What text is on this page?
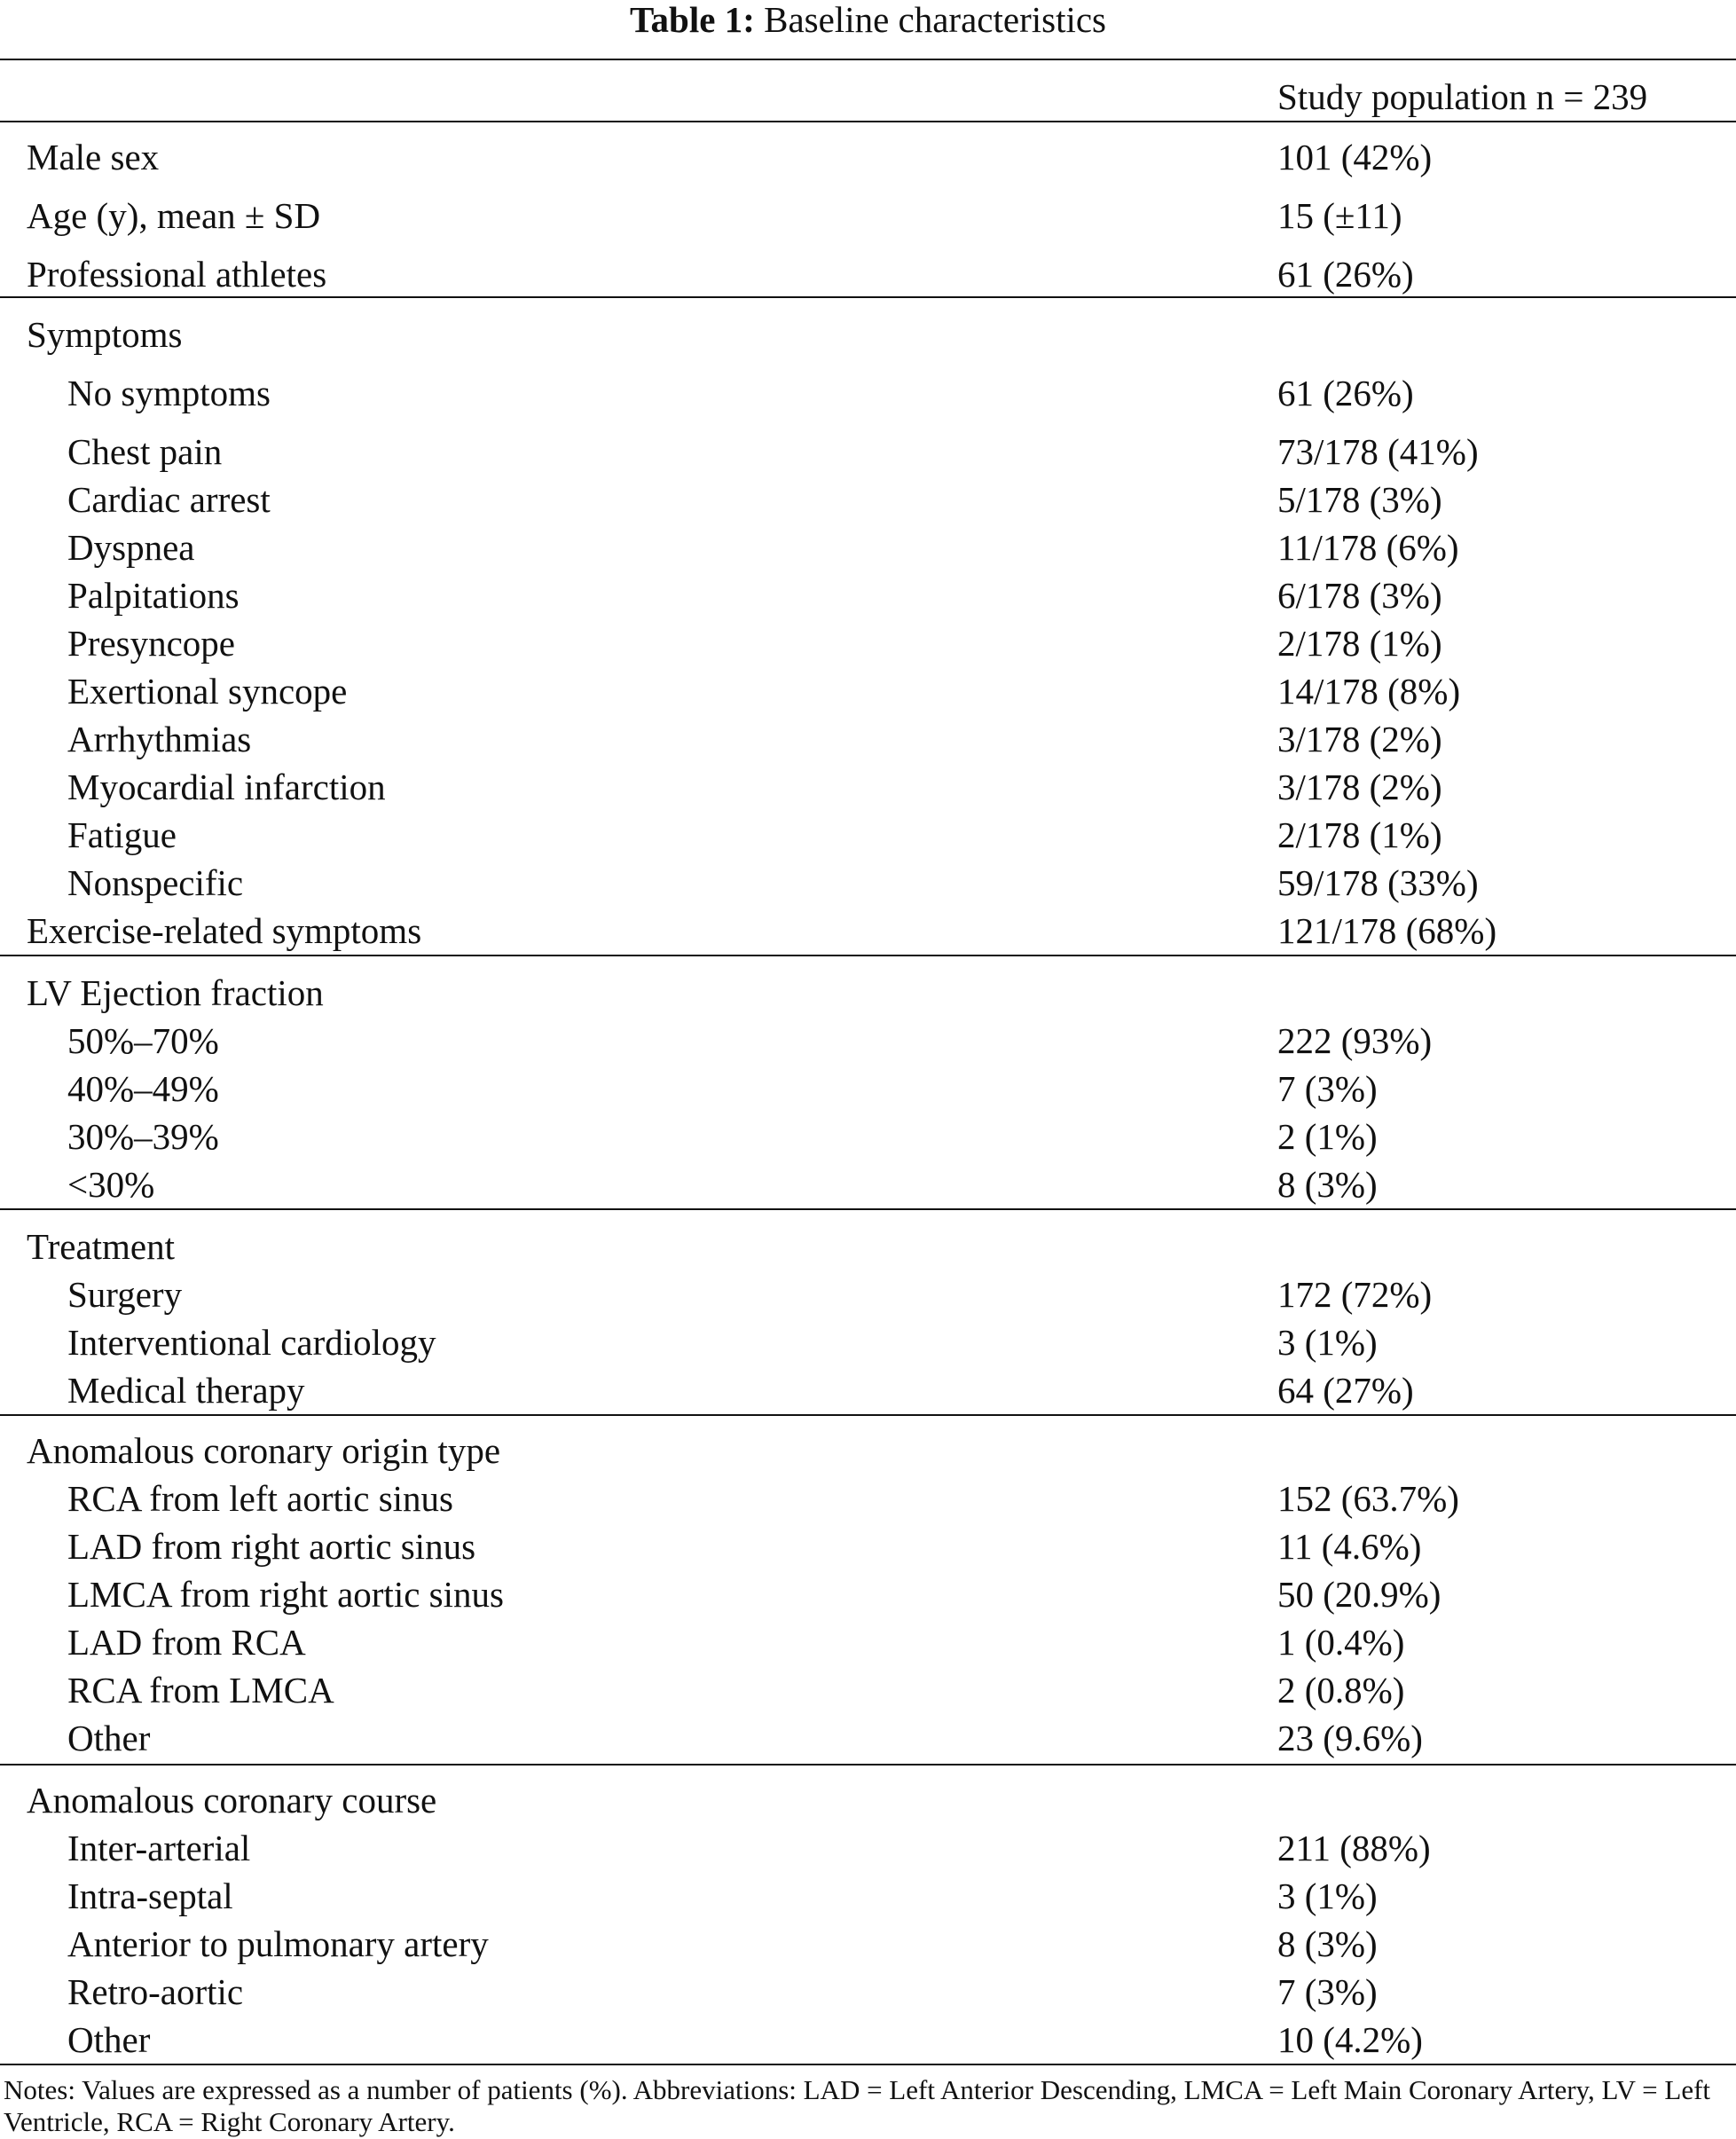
Table 1: Baseline characteristics
Study population n = 239
Male sex	101 (42%)
Age (y), mean ± SD	15 (±11)
Professional athletes	61 (26%)
Symptoms
No symptoms	61 (26%)
Chest pain	73/178 (41%)
Cardiac arrest	5/178 (3%)
Dyspnea	11/178 (6%)
Palpitations	6/178 (3%)
Presyncope	2/178 (1%)
Exertional syncope	14/178 (8%)
Arrhythmias	3/178 (2%)
Myocardial infarction	3/178 (2%)
Fatigue	2/178 (1%)
Nonspecific	59/178 (33%)
Exercise-related symptoms	121/178 (68%)
LV Ejection fraction
50%–70%	222 (93%)
40%–49%	7 (3%)
30%–39%	2 (1%)
<30%	8 (3%)
Treatment
Surgery	172 (72%)
Interventional cardiology	3 (1%)
Medical therapy	64 (27%)
Anomalous coronary origin type
RCA from left aortic sinus	152 (63.7%)
LAD from right aortic sinus	11 (4.6%)
LMCA from right aortic sinus	50 (20.9%)
LAD from RCA	1 (0.4%)
RCA from LMCA	2 (0.8%)
Other	23 (9.6%)
Anomalous coronary course
Inter-arterial	211 (88%)
Intra-septal	3 (1%)
Anterior to pulmonary artery	8 (3%)
Retro-aortic	7 (3%)
Other	10 (4.2%)
Notes: Values are expressed as a number of patients (%). Abbreviations: LAD = Left Anterior Descending, LMCA = Left Main Coronary Artery, LV = Left Ventricle, RCA = Right Coronary Artery.
